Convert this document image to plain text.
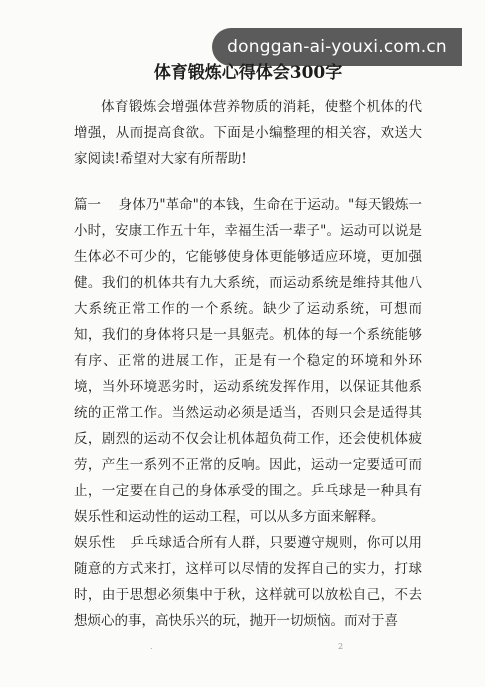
donggan-ai-youxi.com.cn
体育锻炼心得体会300字

体育锻炼会增强体营养物质的消耗，使整个机体的代增强，从而提高食欲。下面是小编整理的相关容，欢送大家阅读!希望对大家有所帮助!

篇一 身体乃"革命"的本钱，生命在于运动。"每天锻炼一小时，安康工作五十年，幸福生活一辈子"。运动可以说是生体必不可少的，它能够使身体更能够适应环境，更加强健。我们的机体共有九大系统，而运动系统是维持其他八大系统正常工作的一个系统。缺少了运动系统，可想而知，我们的身体将只是一具躯壳。机体的每一个系统能够有序、正常的进展工作，正是有一个稳定的环境和外环境，当外环境恶劣时，运动系统发挥作用，以保证其他系统的正常工作。当然运动必须是适当，否则只会是适得其反，剧烈的运动不仅会让机体超负荷工作，还会使机体疲劳，产生一系列不正常的反响。因此，运动一定要适可而止，一定要在自己的身体承受的围之。乒乓球是一种具有娱乐性和运动性的运动工程，可以从多方面来解释。

娱乐性 乒乓球适合所有人群，只要遵守规则，你可以用随意的方式来打，这样可以尽情的发挥自己的实力，打球时，由于思想必须集中于秋，这样就可以放松自己，不去想烦心的事，高快乐兴的玩，抛开一切烦恼。而对于喜

.	2
